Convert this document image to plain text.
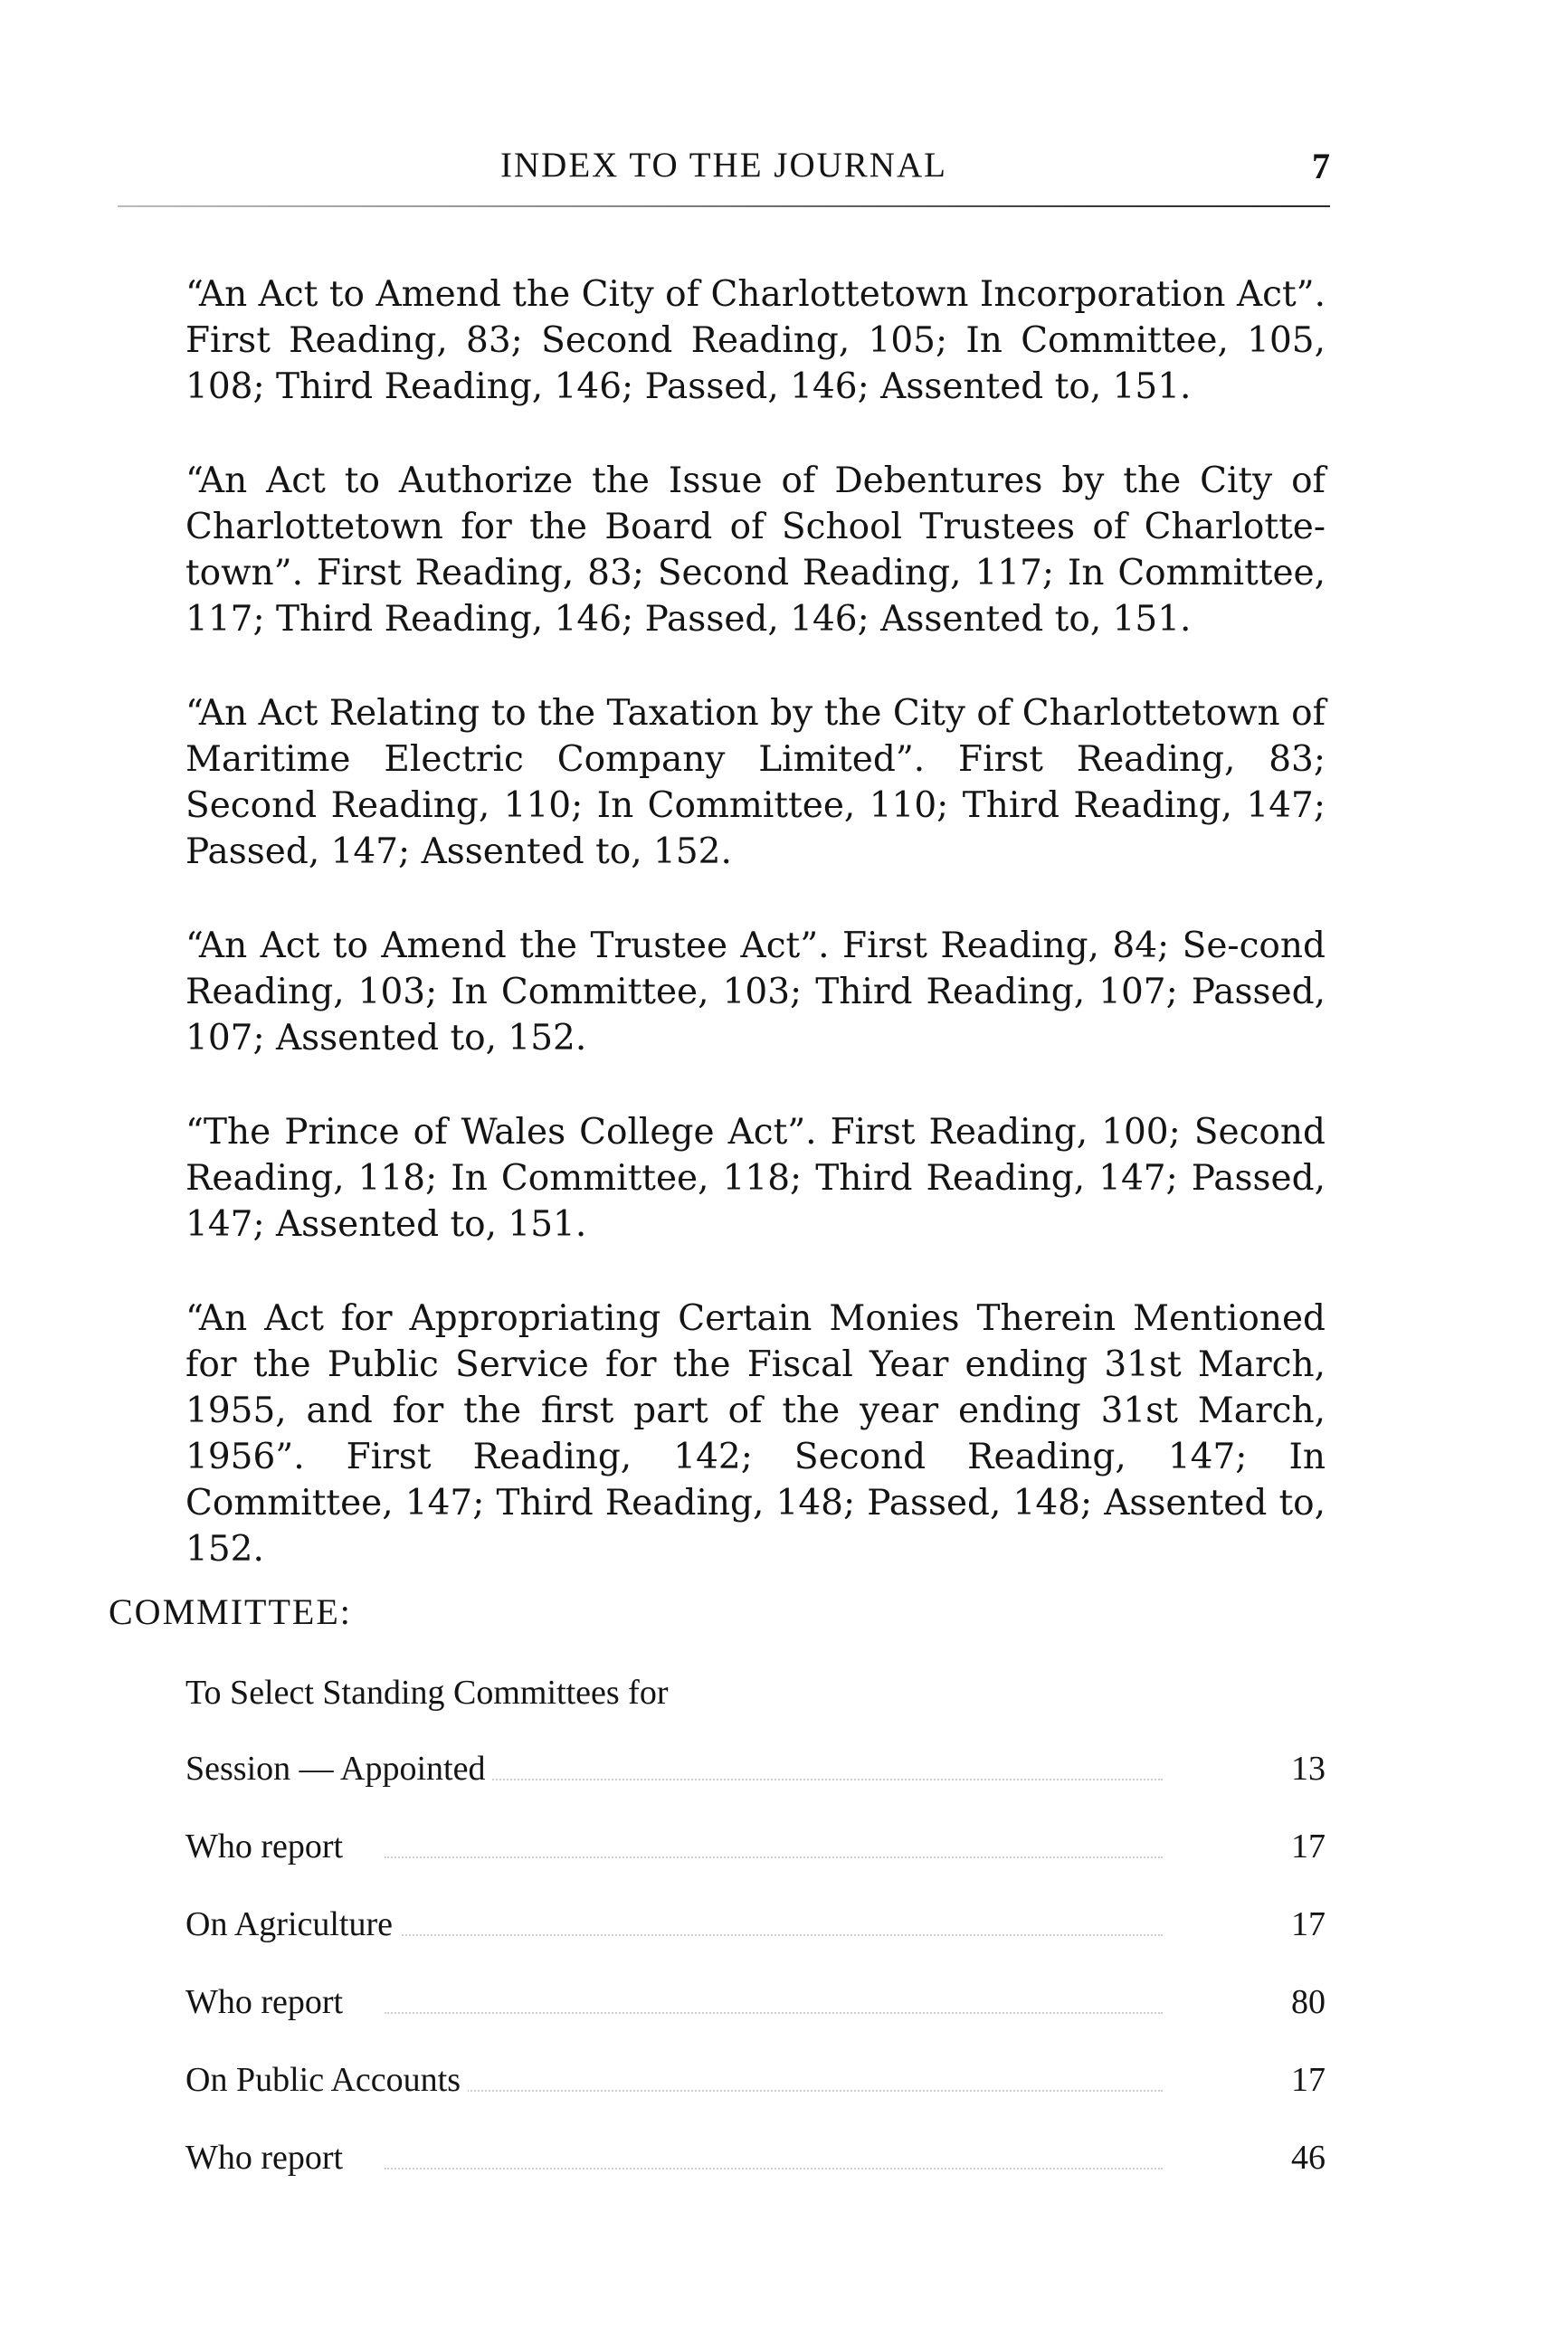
INDEX TO THE JOURNAL	7

“An Act to Amend the City of Charlottetown Incorporation Act”. First Reading, 83; Second Reading, 105; In Committee, 105, 108; Third Reading, 146; Passed, 146; Assented to, 151.

“An Act to Authorize the Issue of Debentures by the City of Charlottetown for the Board of School Trustees of Charlotte-town”. First Reading, 83; Second Reading, 117; In Committee, 117; Third Reading, 146; Passed, 146; Assented to, 151.

“An Act Relating to the Taxation by the City of Charlottetown of Maritime Electric Company Limited”. First Reading, 83; Second Reading, 110; In Committee, 110; Third Reading, 147; Passed, 147; Assented to, 152.

“An Act to Amend the Trustee Act”. First Reading, 84; Se-cond Reading, 103; In Committee, 103; Third Reading, 107; Passed, 107; Assented to, 152.

“The Prince of Wales College Act”. First Reading, 100; Second Reading, 118; In Committee, 118; Third Reading, 147; Passed, 147; Assented to, 151.

“An Act for Appropriating Certain Monies Therein Mentioned for the Public Service for the Fiscal Year ending 31st March, 1955, and for the first part of the year ending 31st March, 1956”. First Reading, 142; Second Reading, 147; In Committee, 147; Third Reading, 148; Passed, 148; Assented to, 152.

COMMITTEE:
To Select Standing Committees for
Session — Appointed	13
Who report	17
On Agriculture	17
Who report	80
On Public Accounts	17
Who report	46
